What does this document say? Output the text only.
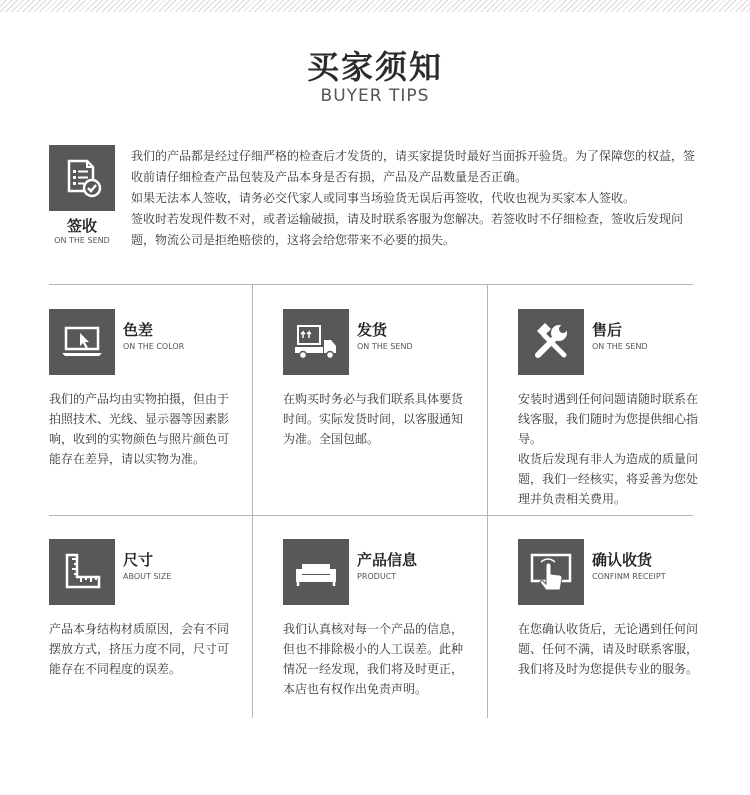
买家须知
BUYER TIPS
签收
ON THE SEND

我们的产品都是经过仔细严格的检查后才发货的，请买家提货时最好当面拆开验货。为了保障您的权益，签收前请仔细检查产品包装及产品本身是否有损，产品及产品数量是否正确。

如果无法本人签收，请务必交代家人或同事当场验货无误后再签收，代收也视为买家本人签收。

签收时若发现件数不对，或者运输破损，请及时联系客服为您解决。若签收时不仔细检查，签收后发现问题，物流公司是拒绝赔偿的，这将会给您带来不必要的损失。

色差
ON THE COLOR

我们的产品均由实物拍摄，但由于拍照技术、光线、显示器等因素影响，收到的实物颜色与照片颜色可能存在差异，请以实物为准。

发货
ON THE SEND

在购买时务必与我们联系具体要货时间。实际发货时间，以客服通知为准。全国包邮。

售后
ON THE SEND

安装时遇到任何问题请随时联系在线客服，我们随时为您提供细心指导。

收货后发现有非人为造成的质量问题，我们一经核实，将妥善为您处理并负责相关费用。

尺寸
ABOUT SIZE

产品本身结构材质原因，会有不同摆放方式，挤压力度不同，尺寸可能存在不同程度的误差。

产品信息
PRODUCT

我们认真核对每一个产品的信息，但也不排除极小的人工误差。此种情况一经发现，我们将及时更正，本店也有权作出免责声明。

确认收货
CONFINM RECEIPT

在您确认收货后，无论遇到任何问题、任何不满，请及时联系客服，我们将及时为您提供专业的服务。
